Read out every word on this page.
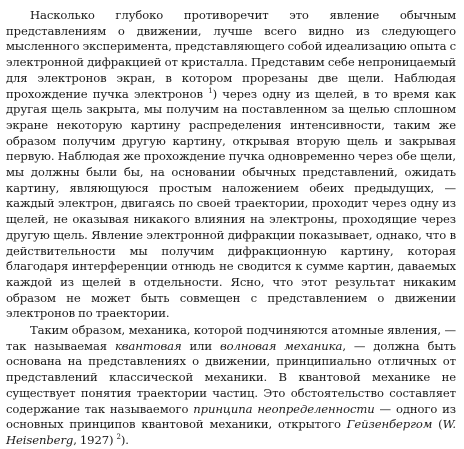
Насколько глубоко противоречит это явление обычным представлениям о движении, лучше всего видно из следующего мысленного эксперимента, представляющего собой идеализацию опыта с электронной дифракцией от кристалла. Представим себе непроницаемый для электронов экран, в котором прорезаны две щели. Наблюдая прохождение пучка электронов $^1$) через одну из щелей, в то время как другая щель закрыта, мы получим на поставленном за щелью сплошном экране некоторую картину распределения интенсивности, таким же образом получим другую картину, открывая вторую щель и закрывая первую. Наблюдая же прохождение пучка одновременно через обе щели, мы должны были бы, на основании обычных представлений, ожидать картину, являющуюся простым наложением обеих предыдущих, — каждый электрон, двигаясь по своей траектории, проходит через одну из щелей, не оказывая никакого влияния на электроны, проходящие через другую щель. Явление электронной дифракции показывает, однако, что в действительности мы получим дифракционную картину, которая благодаря интерференции отнюдь не сводится к сумме картин, даваемых каждой из щелей в отдельности. Ясно, что этот результат никаким образом не может быть совмещен с представлением о движении электронов по траектории.

Таким образом, механика, которой подчиняются атомные явления, — так называемая квантовая или волновая механика, — должна быть основана на представлениях о движении, принципиально отличных от представлений классической механики. В квантовой механике не существует понятия траектории частиц. Это обстоятельство составляет содержание так называемого принципа неопределенности — одного из основных принципов квантовой механики, открытого Гейзенбергом (W. Heisenberg, 1927) $^2$).
